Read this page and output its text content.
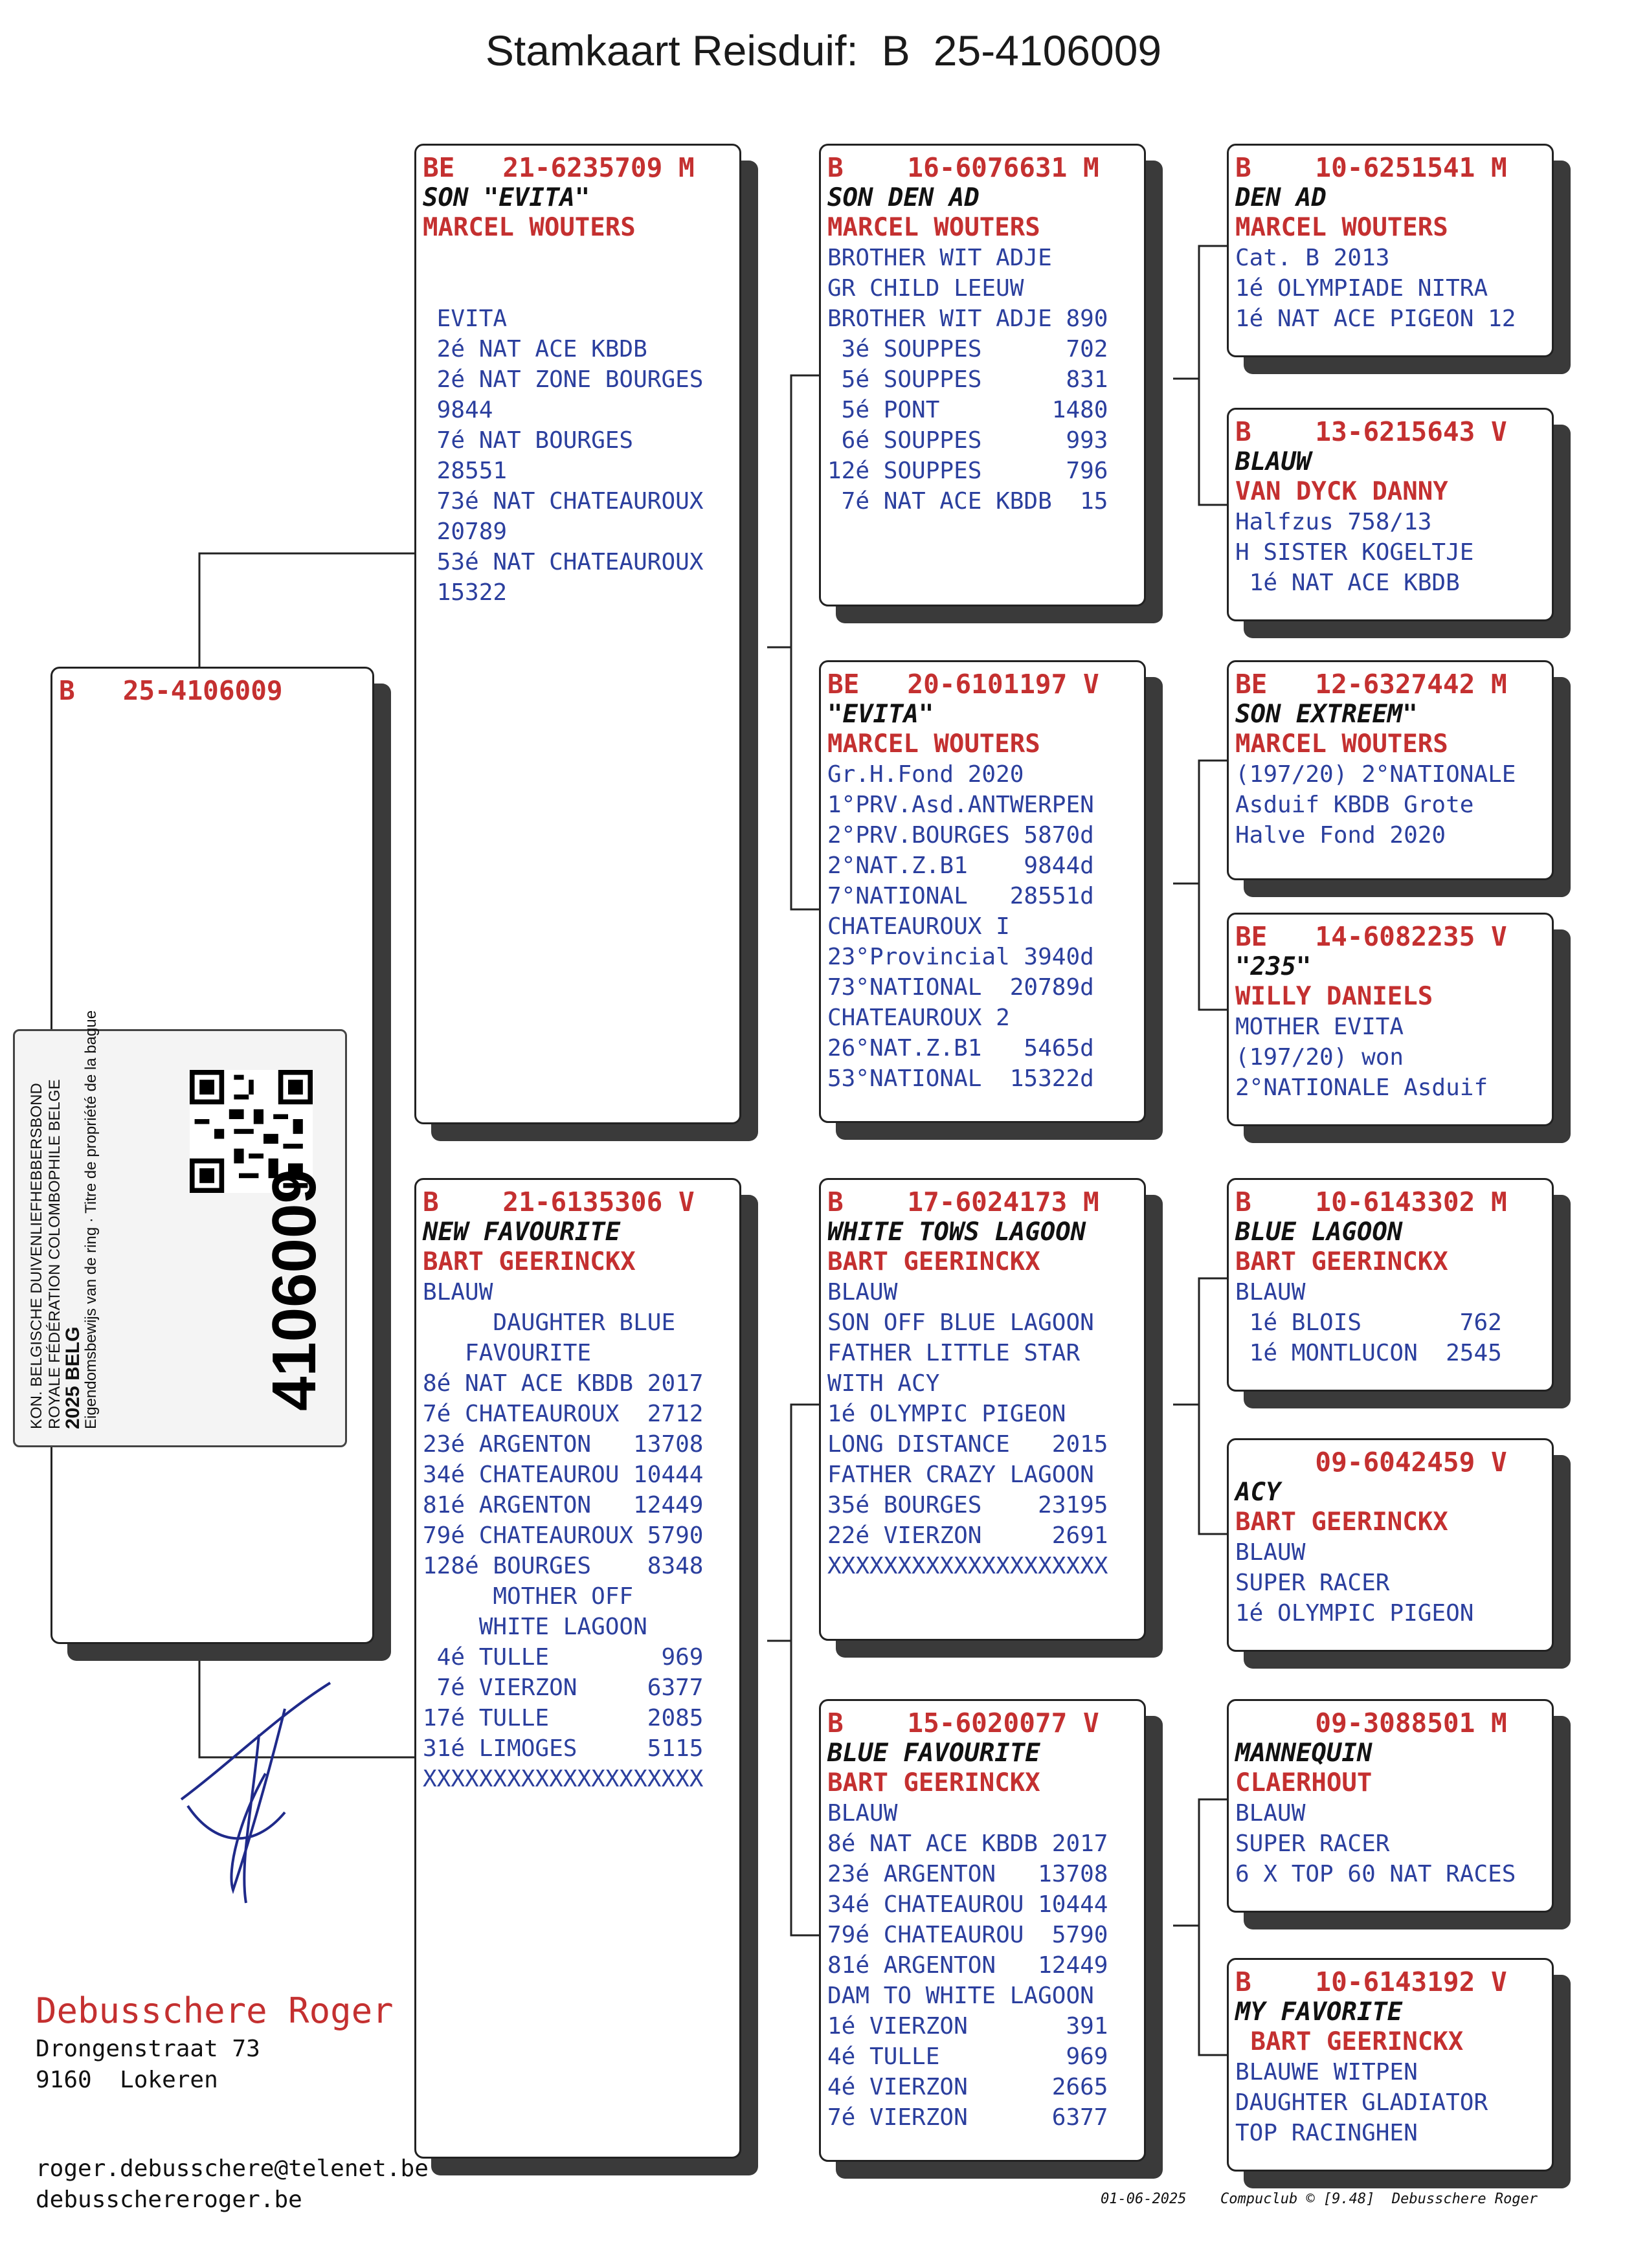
Stamkaart Reisduif: B 25-4106009
B 25-4106009
KON. BELGISCHE DUIVENLIEFHEBBERSBOND ROYALE FÉDÉRATION COLOMBOPHILE BELGE
2025 BELG
Eigendomsbewijs van de ring · Titre de propriété de la bague	4106009
BE   21-6235709 M
SON "EVITA"
MARCEL WOUTERS

EVITA
2é NAT ACE KBDB
2é NAT ZONE BOURGES
9844
7é NAT BOURGES
28551
73é NAT CHATEAUROUX
20789
53é NAT CHATEAUROUX
15322
B    21-6135306 V
NEW FAVOURITE
BART GEERINCKX
BLAUW
DAUGHTER BLUE
FAVOURITE
8é NAT ACE KBDB 2017
7é CHATEAUROUX  2712
23é ARGENTON   13708
34é CHATEAUROU 10444
81é ARGENTON   12449
79é CHATEAUROUX 5790
128é BOURGES    8348
MOTHER OFF
WHITE LAGOON
4é TULLE        969
7é VIERZON     6377
17é TULLE       2085
31é LIMOGES     5115
XXXXXXXXXXXXXXXXXXXX
B    16-6076631 M
SON DEN AD
MARCEL WOUTERS
BROTHER WIT ADJE
GR CHILD LEEUW
BROTHER WIT ADJE 890
3é SOUPPES      702
5é SOUPPES      831
5é PONT        1480
6é SOUPPES      993
12é SOUPPES      796
7é NAT ACE KBDB  15
BE   20-6101197 V
"EVITA"
MARCEL WOUTERS
Gr.H.Fond 2020
1°PRV.Asd.ANTWERPEN
2°PRV.BOURGES 5870d
2°NAT.Z.B1    9844d
7°NATIONAL   28551d
CHATEAUROUX I
23°Provincial 3940d
73°NATIONAL  20789d
CHATEAUROUX 2
26°NAT.Z.B1   5465d
53°NATIONAL  15322d
B    17-6024173 M
WHITE TOWS LAGOON
BART GEERINCKX
BLAUW
SON OFF BLUE LAGOON
FATHER LITTLE STAR
WITH ACY
1é OLYMPIC PIGEON
LONG DISTANCE   2015
FATHER CRAZY LAGOON
35é BOURGES    23195
22é VIERZON     2691
XXXXXXXXXXXXXXXXXXXX
B    15-6020077 V
BLUE FAVOURITE
BART GEERINCKX
BLAUW
8é NAT ACE KBDB 2017
23é ARGENTON   13708
34é CHATEAUROU 10444
79é CHATEAUROU  5790
81é ARGENTON   12449
DAM TO WHITE LAGOON
1é VIERZON       391
4é TULLE         969
4é VIERZON      2665
7é VIERZON      6377
B    10-6251541 M
DEN AD
MARCEL WOUTERS
Cat. B 2013
1é OLYMPIADE NITRA
1é NAT ACE PIGEON 12
B    13-6215643 V
BLAUW
VAN DYCK DANNY
Halfzus 758/13
H SISTER KOGELTJE
1é NAT ACE KBDB
BE   12-6327442 M
SON EXTREEM"
MARCEL WOUTERS
(197/20) 2°NATIONALE
Asduif KBDB Grote
Halve Fond 2020
BE   14-6082235 V
"235"
WILLY DANIELS
MOTHER EVITA
(197/20) won
2°NATIONALE Asduif
B    10-6143302 M
BLUE LAGOON
BART GEERINCKX
BLAUW
1é BLOIS       762
1é MONTLUCON  2545
09-6042459 V
ACY
BART GEERINCKX
BLAUW
SUPER RACER
1é OLYMPIC PIGEON
09-3088501 M
MANNEQUIN
CLAERHOUT
BLAUW
SUPER RACER
6 X TOP 60 NAT RACES
B    10-6143192 V
MY FAVORITE
BART GEERINCKX
BLAUWE WITPEN
DAUGHTER GLADIATOR
TOP RACINGHEN
Debusschere Roger
Drongenstraat 73
9160  Lokeren
roger.debusschere@telenet.be
debusschereroger.be	01-06-2025 Compuclub © [9.48]  Debusschere Roger
